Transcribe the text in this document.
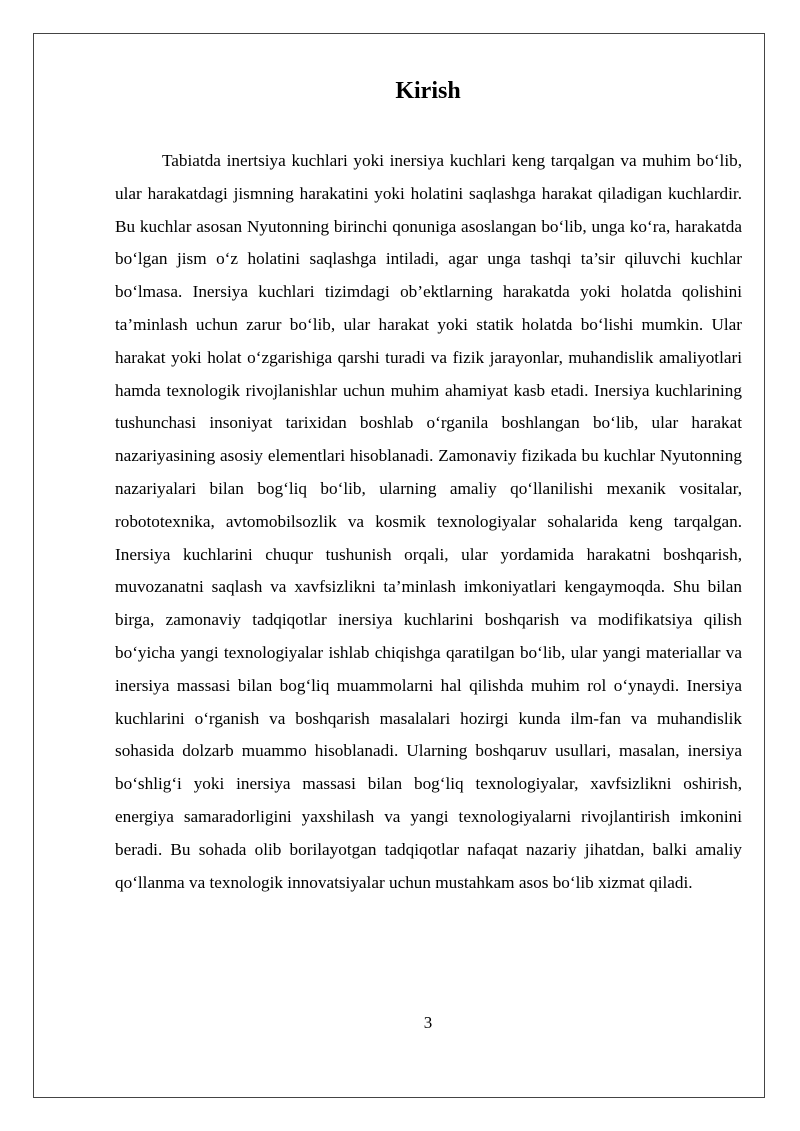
Kirish

Tabiatda inertsiya kuchlari yoki inersiya kuchlari keng tarqalgan va muhim bo‘lib, ular harakatdagi jismning harakatini yoki holatini saqlashga harakat qiladigan kuchlardir. Bu kuchlar asosan Nyutonning birinchi qonuniga asoslangan bo‘lib, unga ko‘ra, harakatda bo‘lgan jism o‘z holatini saqlashga intiladi, agar unga tashqi ta’sir qiluvchi kuchlar bo‘lmasa. Inersiya kuchlari tizimdagi ob’ektlarning harakatda yoki holatda qolishini ta’minlash uchun zarur bo‘lib, ular harakat yoki statik holatda bo‘lishi mumkin. Ular harakat yoki holat o‘zgarishiga qarshi turadi va fizik jarayonlar, muhandislik amaliyotlari hamda texnologik rivojlanishlar uchun muhim ahamiyat kasb etadi. Inersiya kuchlarining tushunchasi insoniyat tarixidan boshlab o‘rganila boshlangan bo‘lib, ular harakat nazariyasining asosiy elementlari hisoblanadi. Zamonaviy fizikada bu kuchlar Nyutonning nazariyalari bilan bog‘liq bo‘lib, ularning amaliy qo‘llanilishi mexanik vositalar, robototexnika, avtomobilsozlik va kosmik texnologiyalar sohalarida keng tarqalgan. Inersiya kuchlarini chuqur tushunish orqali, ular yordamida harakatni boshqarish, muvozanatni saqlash va xavfsizlikni ta’minlash imkoniyatlari kengaymoqda. Shu bilan birga, zamonaviy tadqiqotlar inersiya kuchlarini boshqarish va modifikatsiya qilish bo‘yicha yangi texnologiyalar ishlab chiqishga qaratilgan bo‘lib, ular yangi materiallar va inersiya massasi bilan bog‘liq muammolarni hal qilishda muhim rol o‘ynaydi. Inersiya kuchlarini o‘rganish va boshqarish masalalari hozirgi kunda ilm-fan va muhandislik sohasida dolzarb muammo hisoblanadi. Ularning boshqaruv usullari, masalan, inersiya bo‘shlig‘i yoki inersiya massasi bilan bog‘liq texnologiyalar, xavfsizlikni oshirish, energiya samaradorligini yaxshilash va yangi texnologiyalarni rivojlantirish imkonini beradi. Bu sohada olib borilayotgan tadqiqotlar nafaqat nazariy jihatdan, balki amaliy qo‘llanma va texnologik innovatsiyalar uchun mustahkam asos bo‘lib xizmat qiladi.

3
